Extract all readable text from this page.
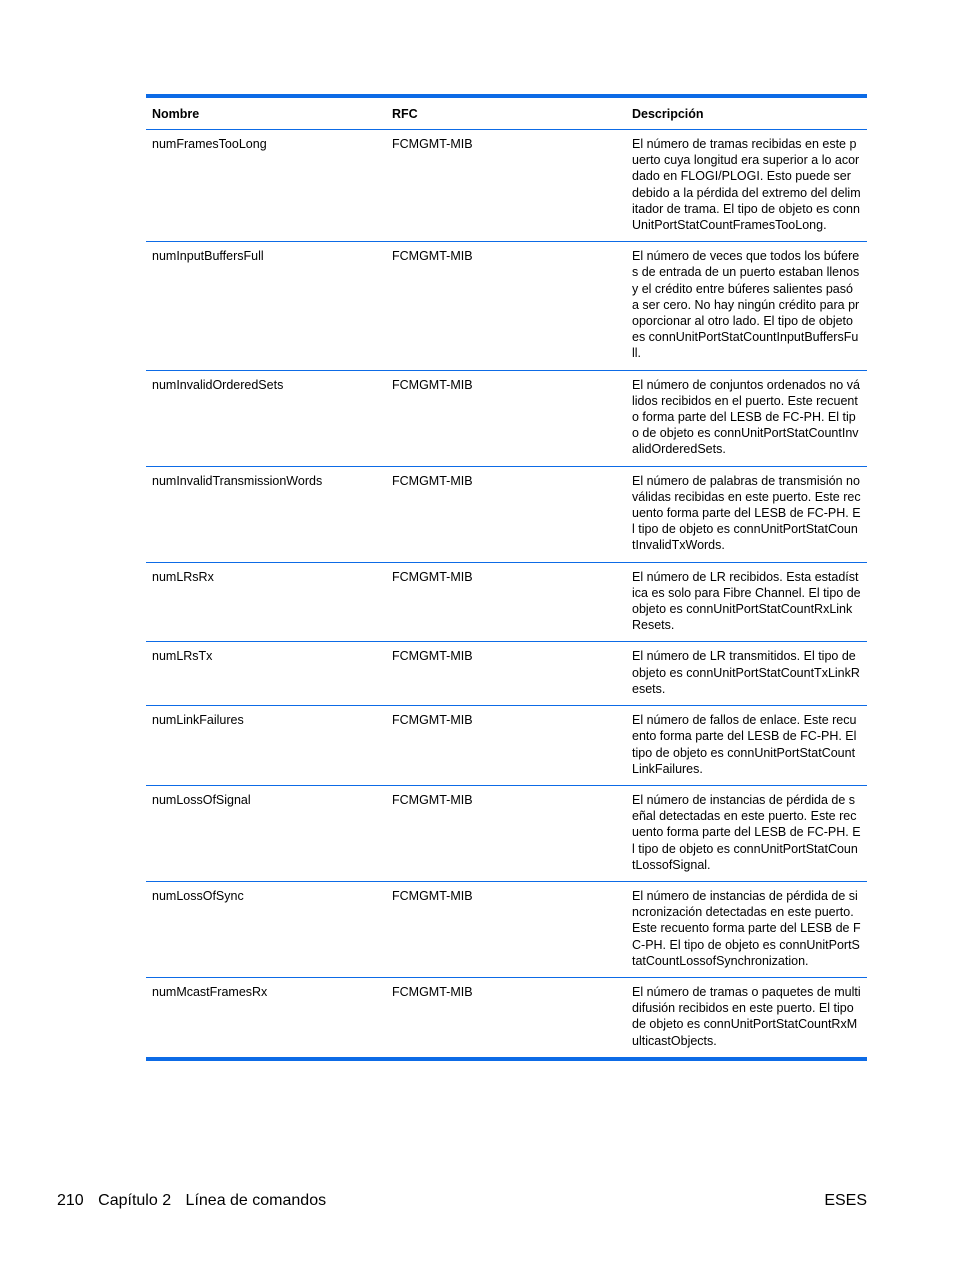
Nombre	RFC	Descripción
numFramesTooLong	FCMGMT-MIB	El número de tramas recibidas en este puerto cuya longitud era superior a lo acordado en FLOGI/PLOGI. Esto puede ser debido a la pérdida del extremo del delimitador de trama. El tipo de objeto es connUnitPortStatCountFramesTooLong.
numInputBuffersFull	FCMGMT-MIB	El número de veces que todos los búferes de entrada de un puerto estaban llenos y el crédito entre búferes salientes pasó a ser cero. No hay ningún crédito para proporcionar al otro lado. El tipo de objeto es connUnitPortStatCountInputBuffersFull.
numInvalidOrderedSets	FCMGMT-MIB	El número de conjuntos ordenados no válidos recibidos en el puerto. Este recuento forma parte del LESB de FC-PH. El tipo de objeto es connUnitPortStatCountInvalidOrderedSets.
numInvalidTransmissionWords	FCMGMT-MIB	El número de palabras de transmisión no válidas recibidas en este puerto. Este recuento forma parte del LESB de FC-PH. El tipo de objeto es connUnitPortStatCountInvalidTxWords.
numLRsRx	FCMGMT-MIB	El número de LR recibidos. Esta estadística es solo para Fibre Channel. El tipo de objeto es connUnitPortStatCountRxLinkResets.
numLRsTx	FCMGMT-MIB	El número de LR transmitidos. El tipo de objeto es connUnitPortStatCountTxLinkResets.
numLinkFailures	FCMGMT-MIB	El número de fallos de enlace. Este recuento forma parte del LESB de FC-PH. El tipo de objeto es connUnitPortStatCountLinkFailures.
numLossOfSignal	FCMGMT-MIB	El número de instancias de pérdida de señal detectadas en este puerto. Este recuento forma parte del LESB de FC-PH. El tipo de objeto es connUnitPortStatCountLossofSignal.
numLossOfSync	FCMGMT-MIB	El número de instancias de pérdida de sincronización detectadas en este puerto. Este recuento forma parte del LESB de FC-PH. El tipo de objeto es connUnitPortStatCountLossofSynchronization.
numMcastFramesRx	FCMGMT-MIB	El número de tramas o paquetes de multidifusión recibidos en este puerto. El tipo de objeto es connUnitPortStatCountRxMulticastObjects.
210 Capítulo 2 Línea de comandos	ESES
